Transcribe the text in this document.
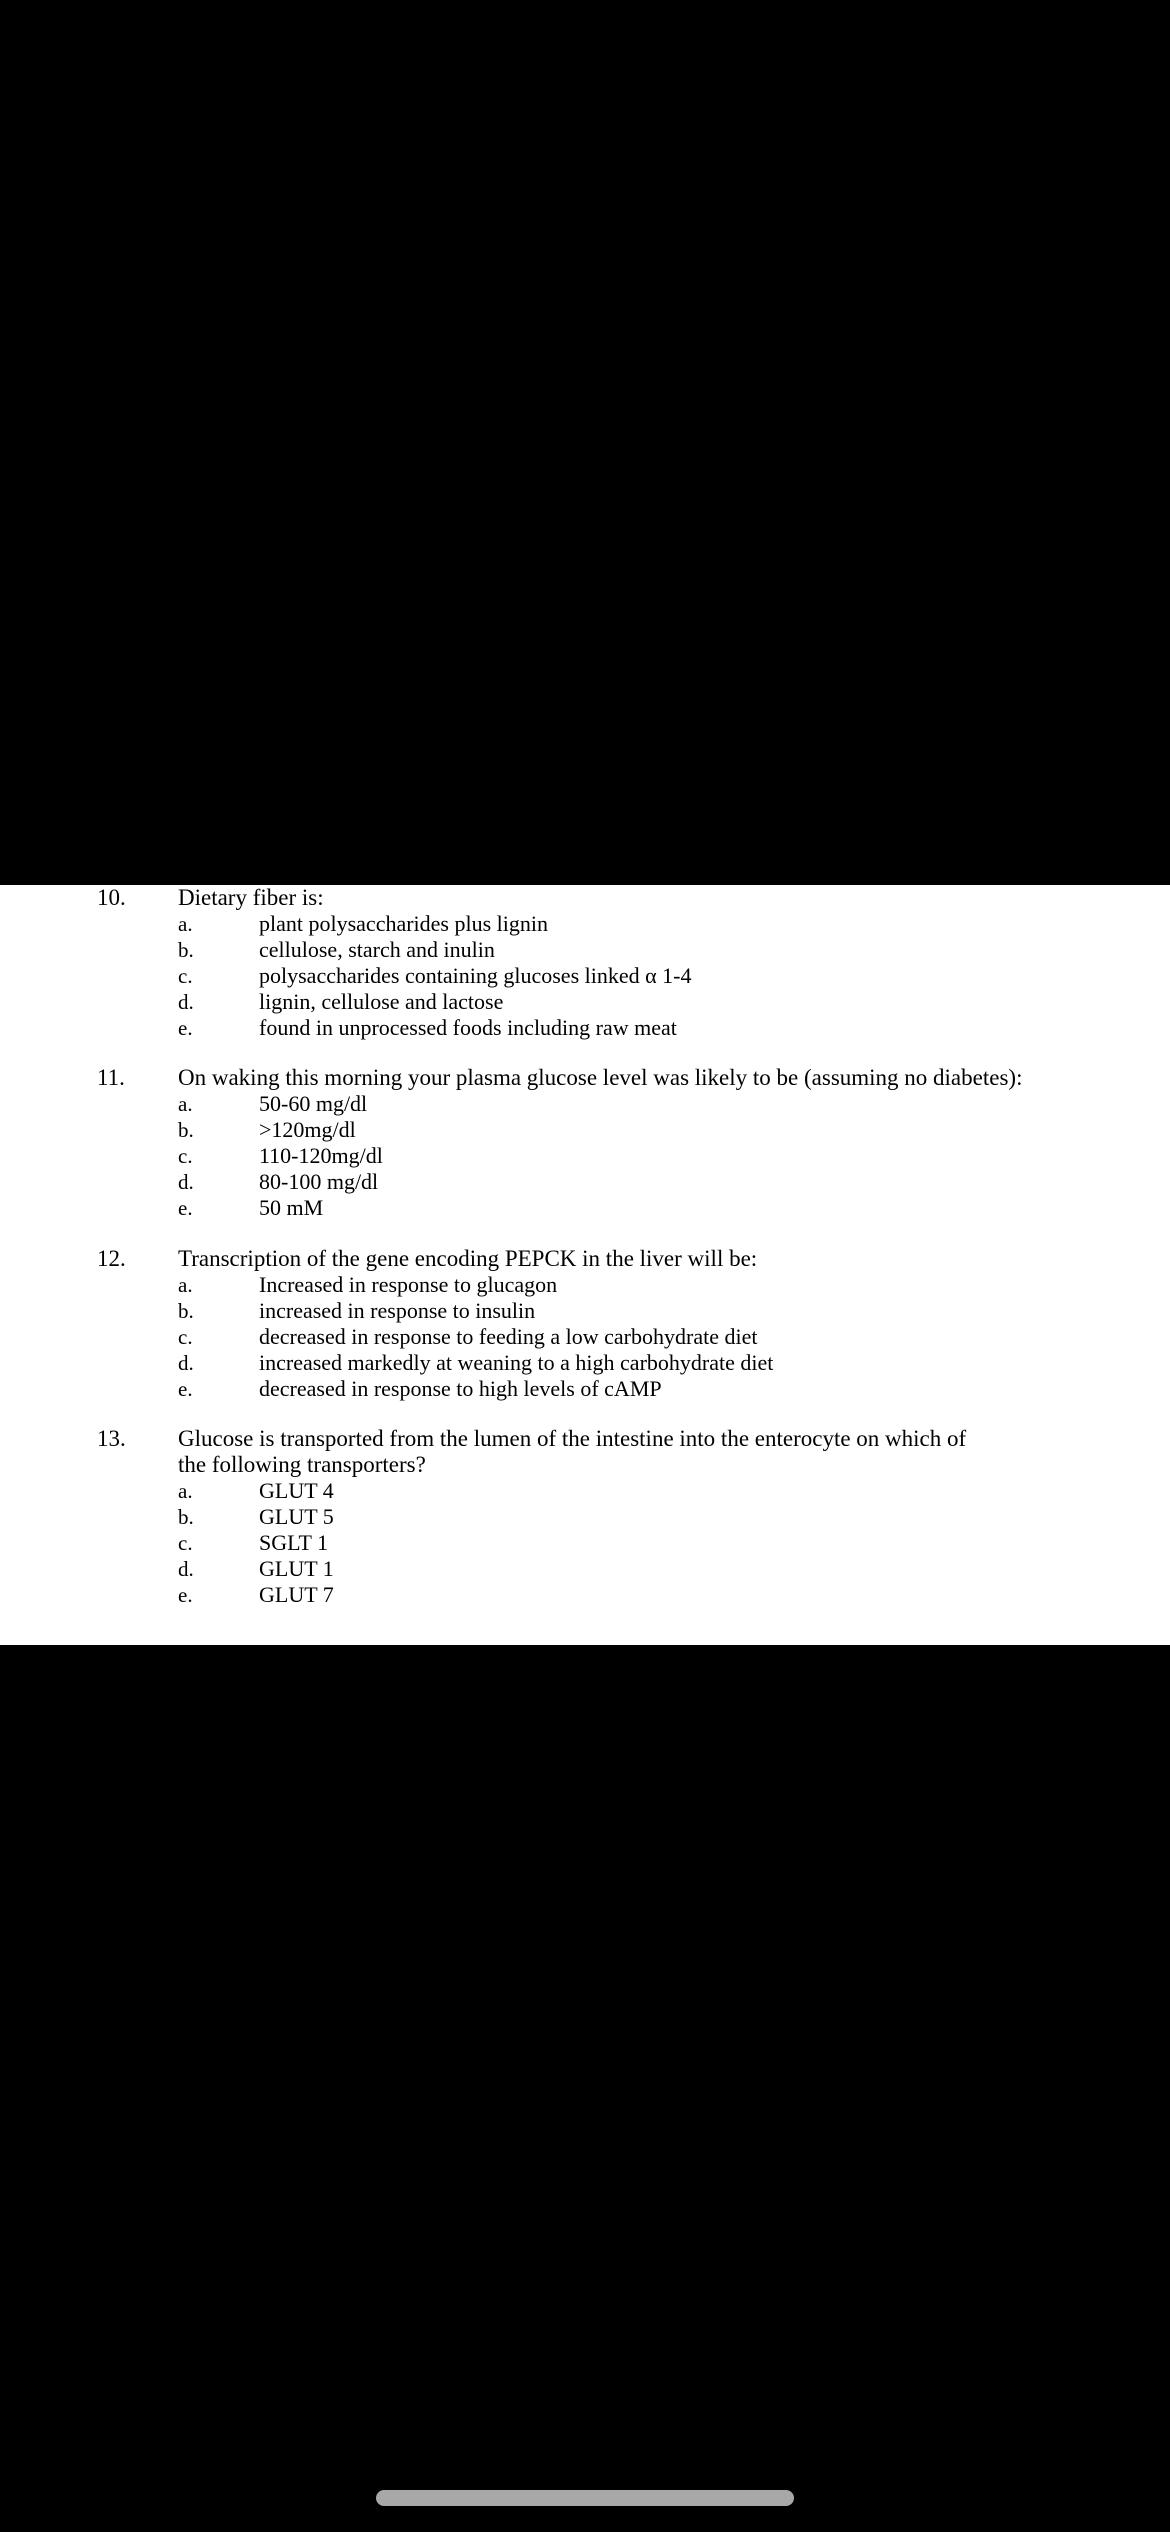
10. Dietary fiber is:
a.	plant polysaccharides plus lignin
b.	cellulose, starch and inulin
c.	polysaccharides containing glucoses linked α 1-4
d.	lignin, cellulose and lactose
e.	found in unprocessed foods including raw meat
11. On waking this morning your plasma glucose level was likely to be (assuming no diabetes):
a.	50-60 mg/dl
b.	>120mg/dl
c.	110-120mg/dl
d.	80-100 mg/dl
e.	50 mM
12. Transcription of the gene encoding PEPCK in the liver will be:
a.	Increased in response to glucagon
b.	increased in response to insulin
c.	decreased in response to feeding a low carbohydrate diet
d.	increased markedly at weaning to a high carbohydrate diet
e.	decreased in response to high levels of cAMP
13. Glucose is transported from the lumen of the intestine into the enterocyte on which of the following transporters?
a.	GLUT 4
b.	GLUT 5
c.	SGLT 1
d.	GLUT 1
e.	GLUT 7
